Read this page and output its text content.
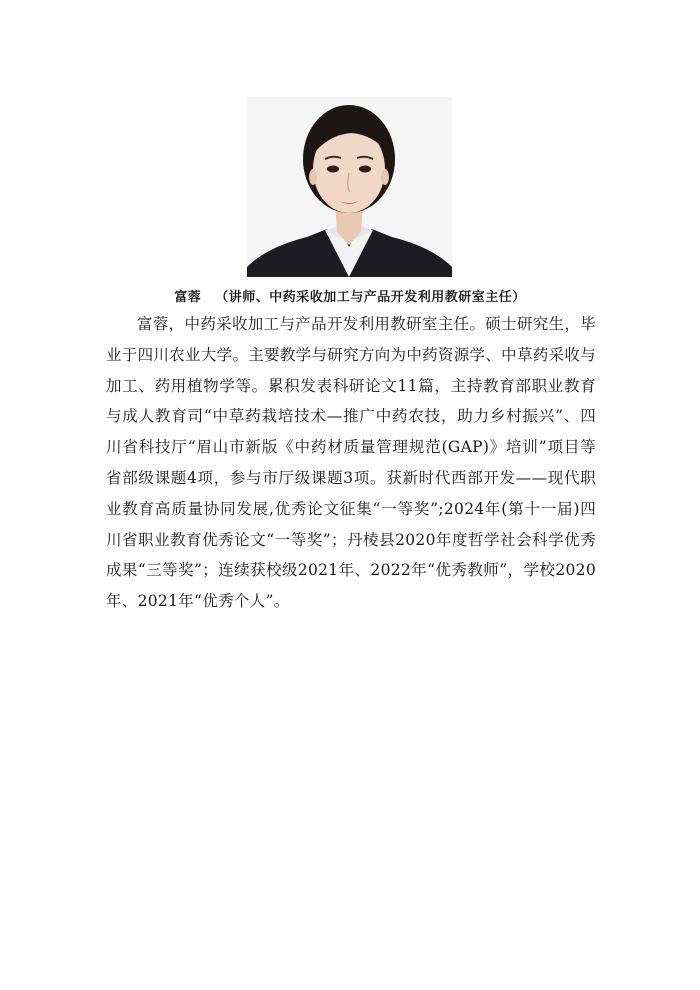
富蓉 （讲师、中药采收加工与产品开发利用教研室主任）

富蓉，中药采收加工与产品开发利用教研室主任。硕士研究生，毕业于四川农业大学。主要教学与研究方向为中药资源学、中草药采收与加工、药用植物学等。累积发表科研论文11篇，主持教育部职业教育与成人教育司“中草药栽培技术—推广中药农技，助力乡村振兴”、四川省科技厅“眉山市新版《中药材质量管理规范(GAP)》培训”项目等省部级课题4项，参与市厅级课题3项。获新时代西部开发——现代职业教育高质量协同发展,优秀论文征集“一等奖”;2024年(第十一届)四川省职业教育优秀论文“一等奖”；丹棱县2020年度哲学社会科学优秀成果“三等奖”；连续获校级2021年、2022年“优秀教师”，学校2020年、2021年“优秀个人”。
